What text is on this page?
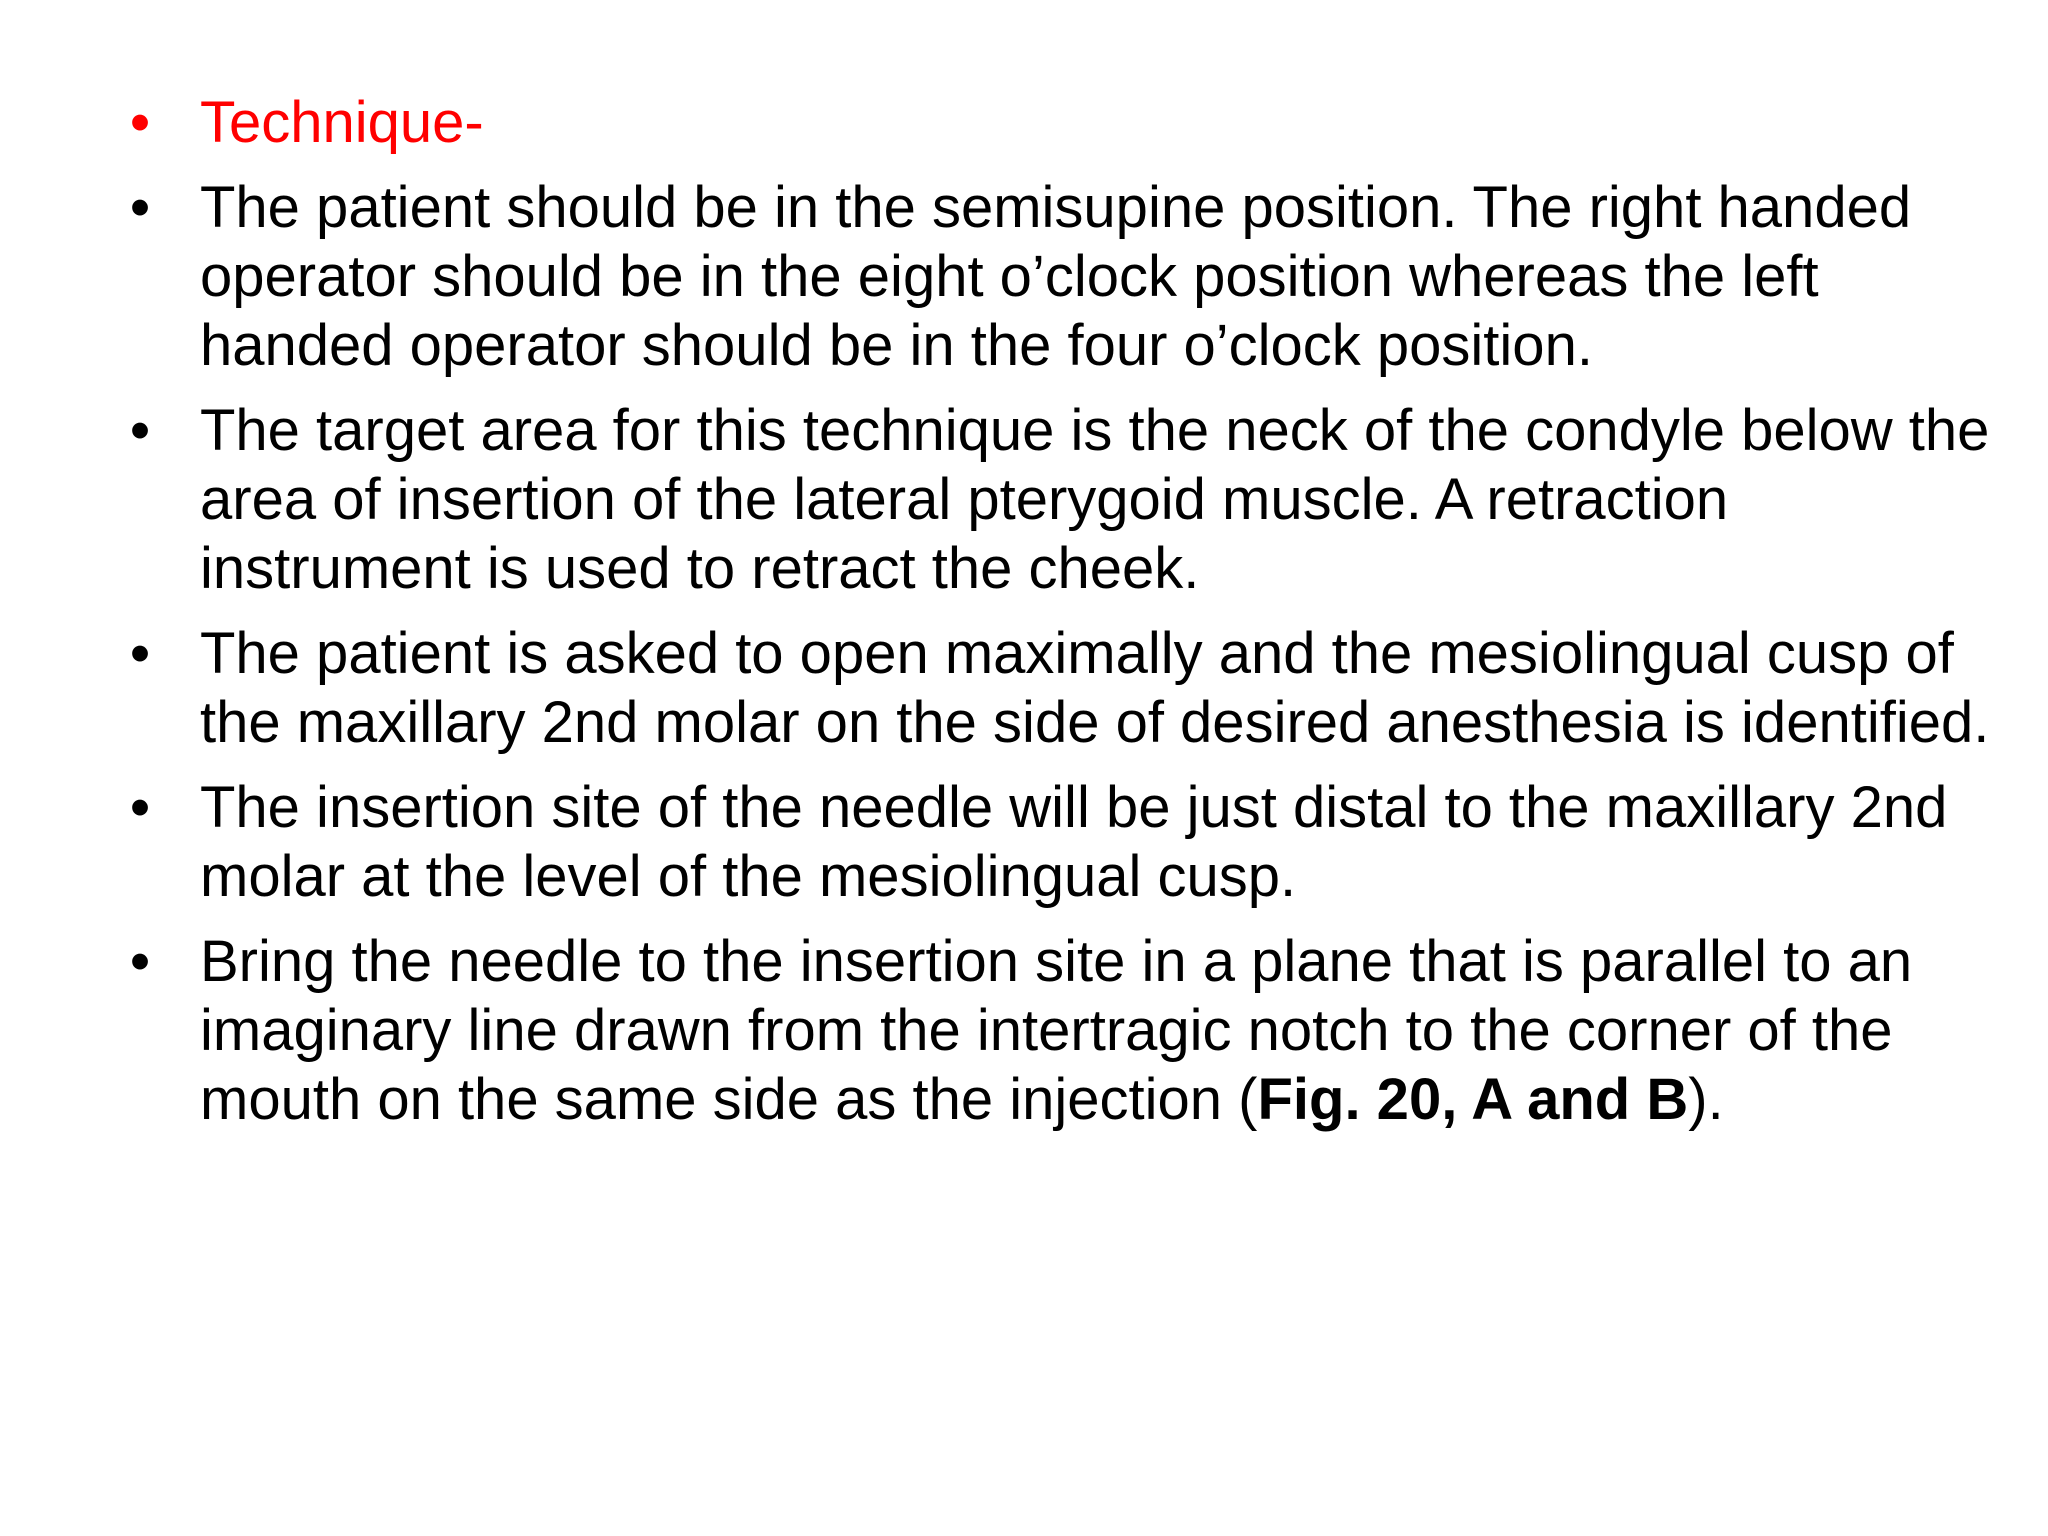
• Technique-
• The patient should be in the semisupine position. The right handed operator should be in the eight o’clock position whereas the left handed operator should be in the four o’clock position.
• The target area for this technique is the neck of the condyle below the area of insertion of the lateral pterygoid muscle. A retraction instrument is used to retract the cheek.
• The patient is asked to open maximally and the mesiolingual cusp of the maxillary 2nd molar on the side of desired anesthesia is identified.
• The insertion site of the needle will be just distal to the maxillary 2nd molar at the level of the mesiolingual cusp.
• Bring the needle to the insertion site in a plane that is parallel to an imaginary line drawn from the intertragic notch to the corner of the mouth on the same side as the injection (Fig. 20, A and B).
